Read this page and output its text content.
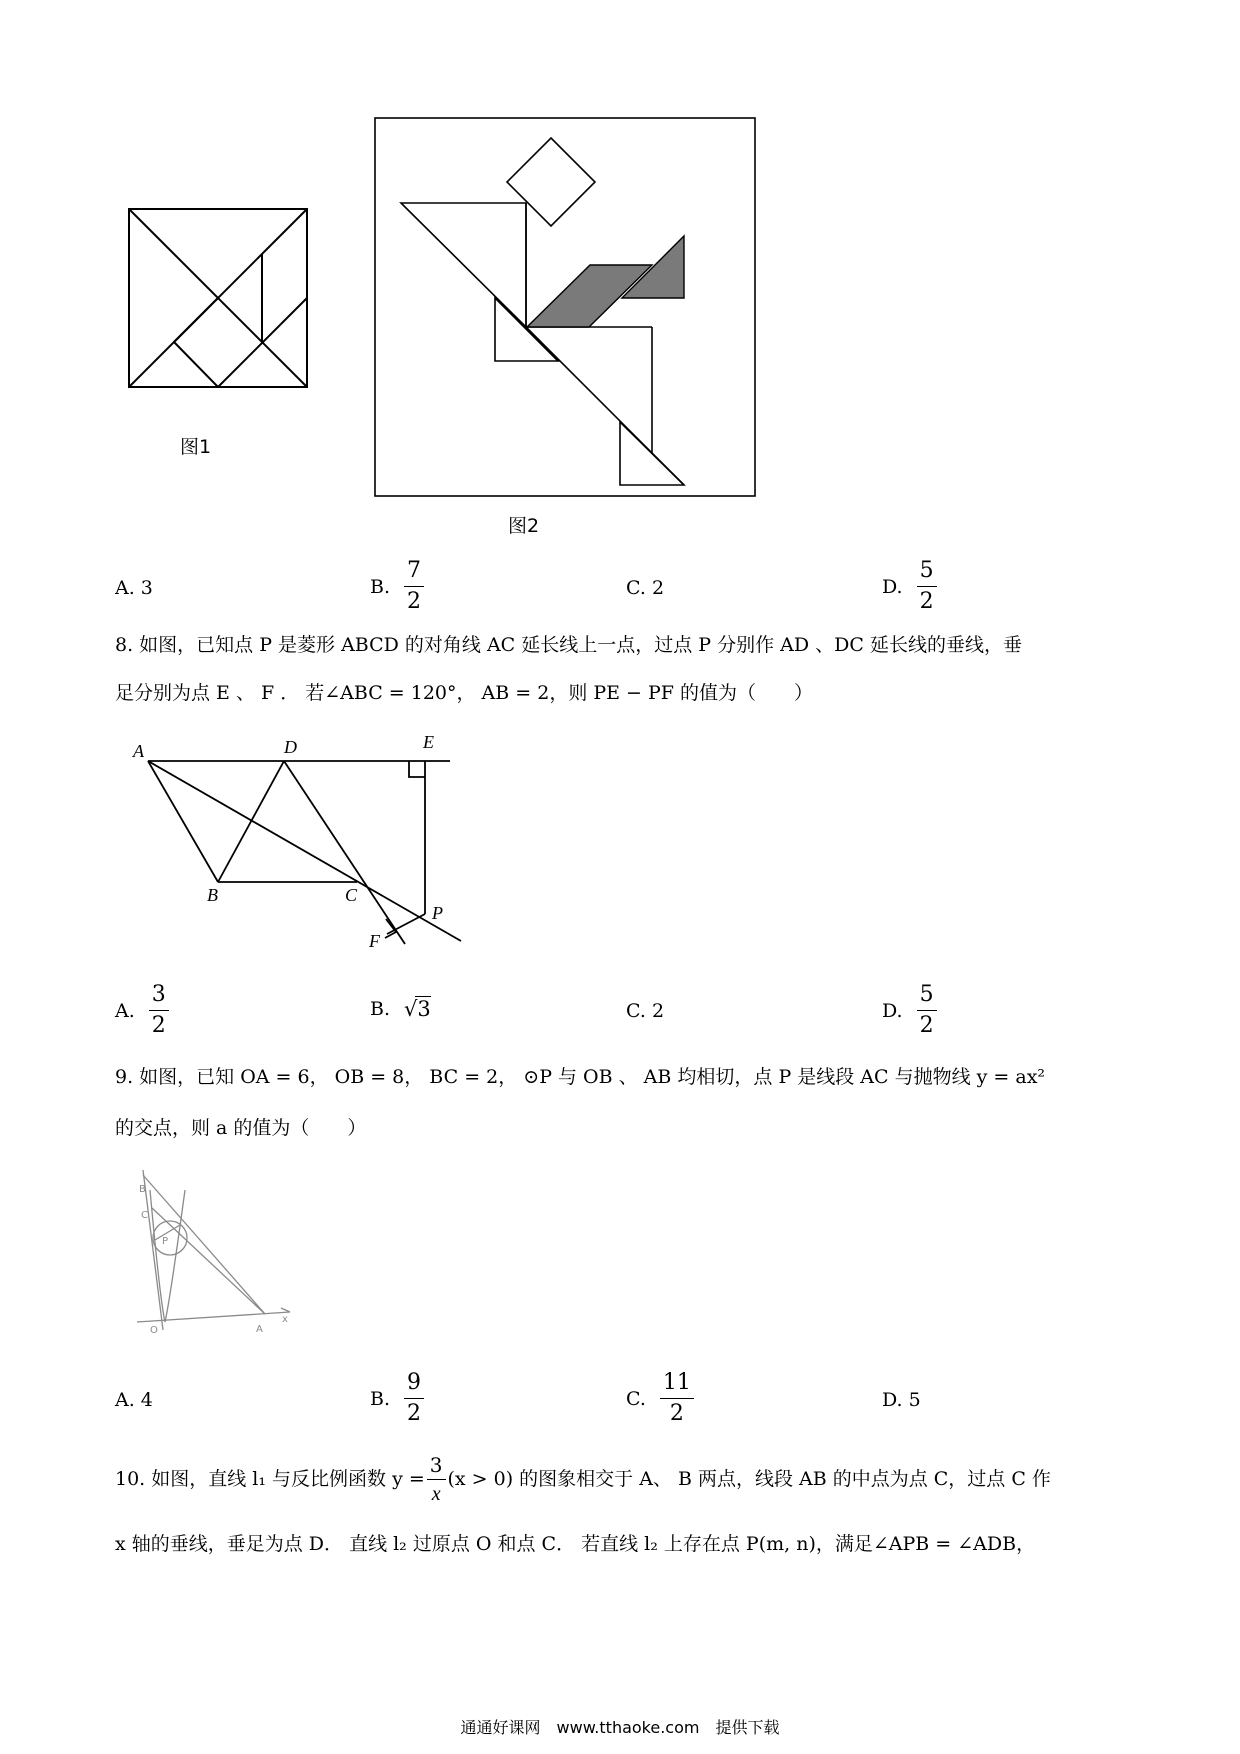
图1
图2
A. 3	B. $\frac{7}{2}$	C. 2	D. $\frac{5}{2}$
8. 如图，已知点 P 是菱形 ABCD 的对角线 AC 延长线上一点，过点 P 分别作 AD 、DC 延长线的垂线，垂
足分别为点 E 、 F ． 若∠ABC = 120°， AB = 2，则 PE − PF 的值为（　　）
A	D	E
B	C
P
F
A. $\frac{3}{2}$	B. √3	C. 2	D. $\frac{5}{2}$
9. 如图，已知 OA = 6， OB = 8， BC = 2， ⊙P 与 OB 、 AB 均相切，点 P 是线段 AC 与抛物线 y = ax²
的交点，则 a 的值为（　　）
B
C
P
O	A
x
A. 4	B. $\frac{9}{2}$	C. $\frac{11}{2}$	D. 5
10. 如图，直线 l₁ 与反比例函数 $y = \frac{3}{x} (x > 0)$ 的图象相交于 A、 B 两点，线段 AB 的中点为点 C，过点 C 作
x 轴的垂线，垂足为点 D． 直线 l₂ 过原点 O 和点 C． 若直线 l₂ 上存在点 P(m, n)，满足∠APB = ∠ADB，
通通好课网　www.tthaoke.com　提供下载
